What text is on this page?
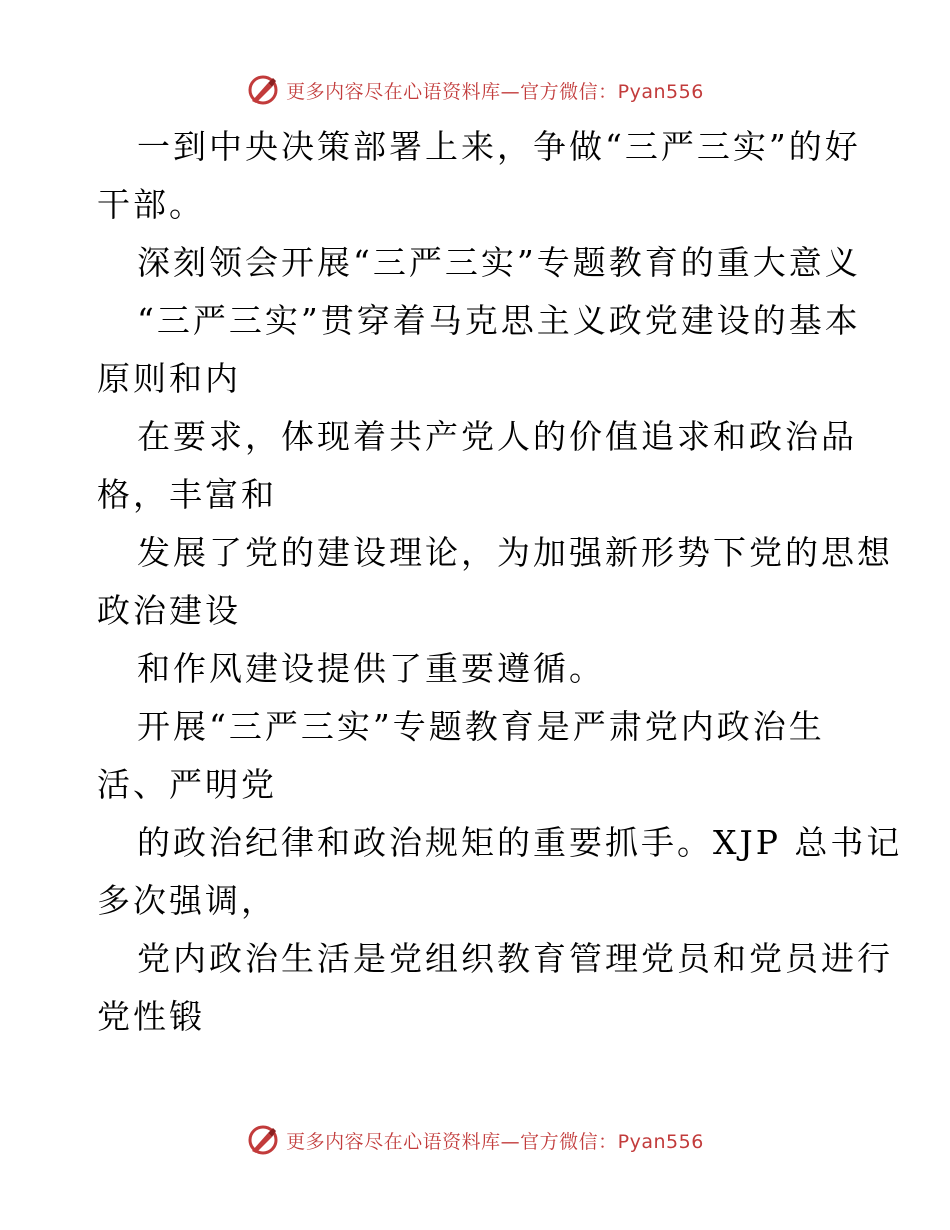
更多内容尽在心语资料库—官方微信：Pyan556
一到中央决策部署上来，争做“三严三实”的好
干部。
深刻领会开展“三严三实”专题教育的重大意义
“三严三实”贯穿着马克思主义政党建设的基本
原则和内
在要求，体现着共产党人的价值追求和政治品
格，丰富和
发展了党的建设理论，为加强新形势下党的思想
政治建设
和作风建设提供了重要遵循。
开展“三严三实”专题教育是严肃党内政治生
活、严明党
的政治纪律和政治规矩的重要抓手。XJP 总书记
多次强调，
党内政治生活是党组织教育管理党员和党员进行
党性锻
更多内容尽在心语资料库—官方微信：Pyan556
